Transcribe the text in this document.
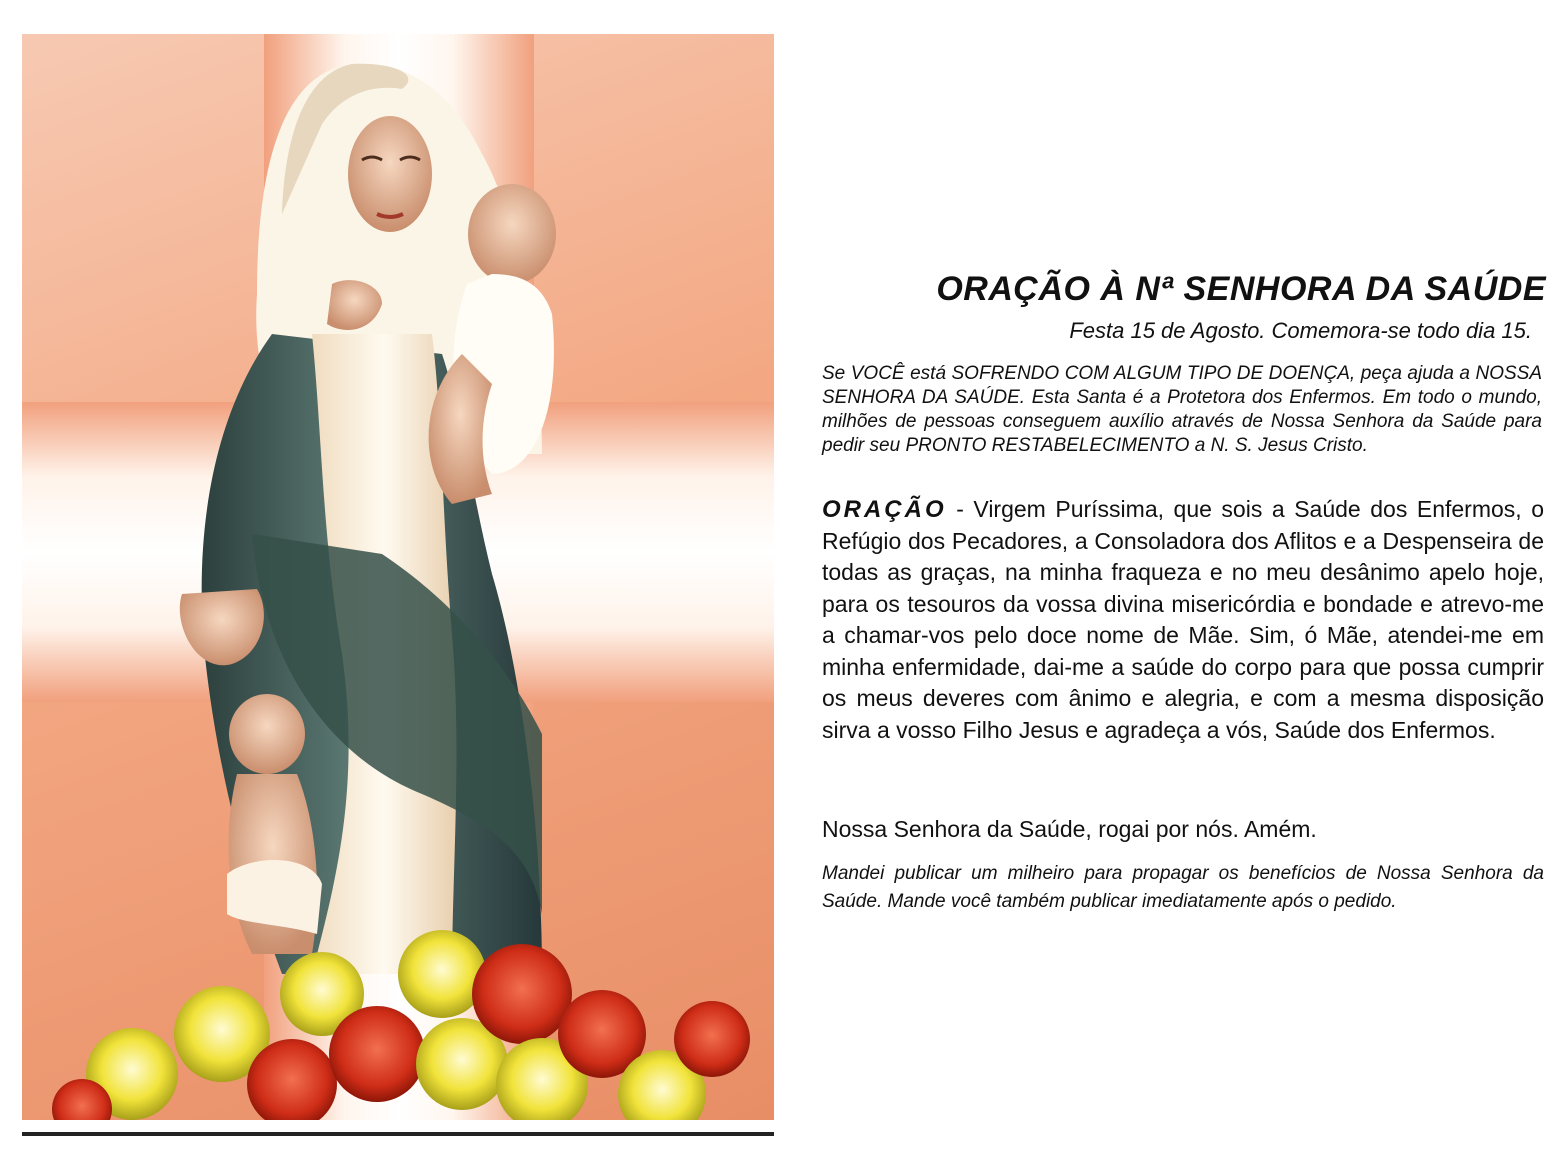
ORAÇÃO À Nª SENHORA DA SAÚDE

Festa 15 de Agosto. Comemora-se todo dia 15.

Se VOCÊ está SOFRENDO COM ALGUM TIPO DE DOENÇA, peça ajuda a NOSSA SENHORA DA SAÚDE. Esta Santa é a Protetora dos Enfermos. Em todo o mundo, milhões de pessoas conseguem auxílio através de Nossa Senhora da Saúde para pedir seu PRONTO RESTABELECIMENTO a N. S. Jesus Cristo.

ORAÇÃO - Virgem Puríssima, que sois a Saúde dos Enfermos, o Refúgio dos Pecadores, a Consoladora dos Aflitos e a Despenseira de todas as graças, na minha fraqueza e no meu desânimo apelo hoje, para os tesouros da vossa divina misericórdia e bondade e atrevo-me a chamar-vos pelo doce nome de Mãe. Sim, ó Mãe, atendei-me em minha enfermidade, dai-me a saúde do corpo para que possa cumprir os meus deveres com ânimo e alegria, e com a mesma disposição sirva a vosso Filho Jesus e agradeça a vós, Saúde dos Enfermos.

Nossa Senhora da Saúde, rogai por nós. Amém.

Mandei publicar um milheiro para propagar os benefícios de Nossa Senhora da Saúde. Mande você também publicar imediatamente após o pedido.
